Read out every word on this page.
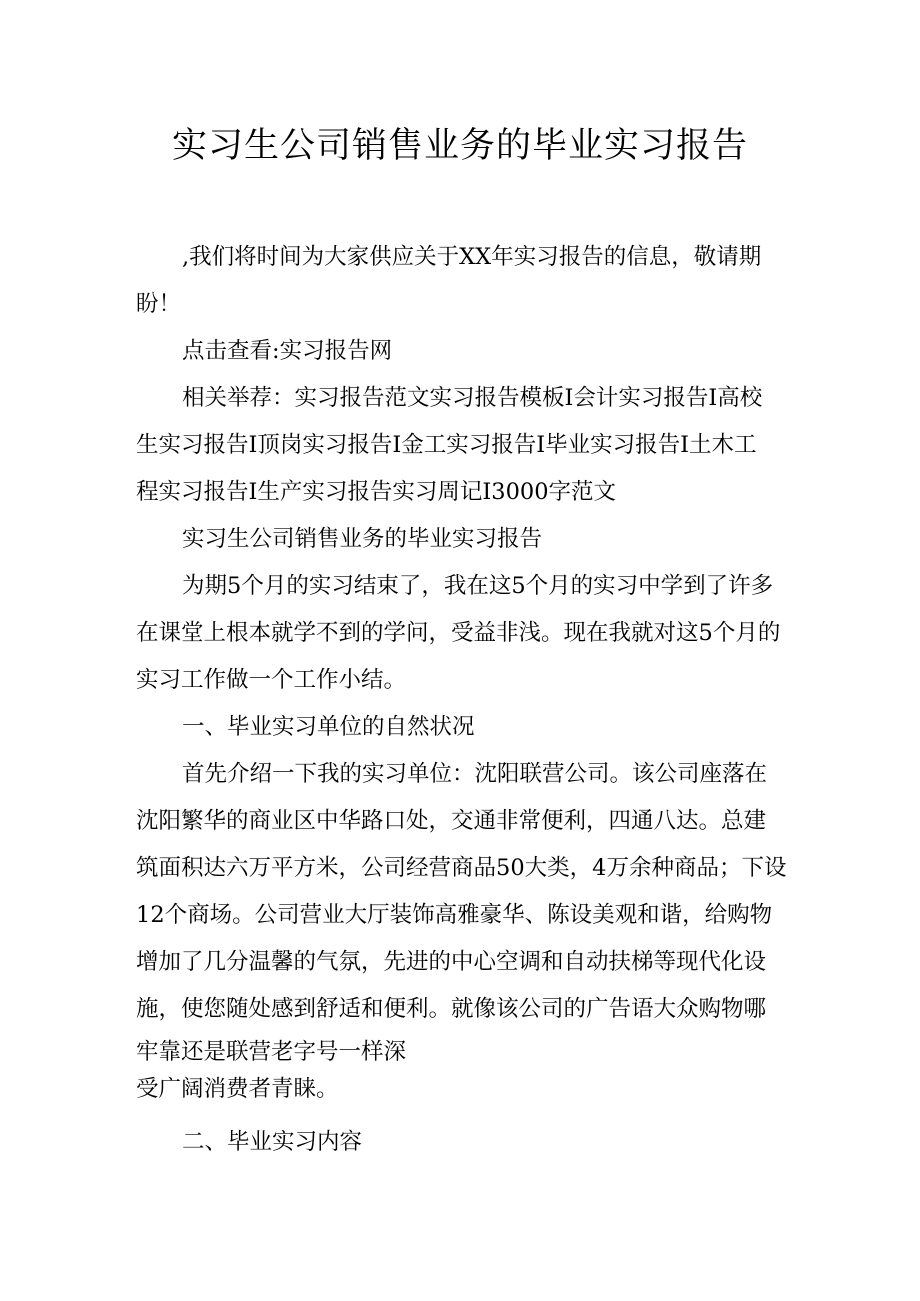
实习生公司销售业务的毕业实习报告
,我们将时间为大家供应关于XX年实习报告的信息，敬请期
盼！
点击查看:实习报告网
相关举荐：实习报告范文实习报告模板I会计实习报告I高校
生实习报告I顶岗实习报告I金工实习报告I毕业实习报告I土木工
程实习报告I生产实习报告实习周记I3000字范文
实习生公司销售业务的毕业实习报告
为期5个月的实习结束了，我在这5个月的实习中学到了许多
在课堂上根本就学不到的学问，受益非浅。现在我就对这5个月的
实习工作做一个工作小结。
一、毕业实习单位的自然状况
首先介绍一下我的实习单位：沈阳联营公司。该公司座落在
沈阳繁华的商业区中华路口处，交通非常便利，四通八达。总建
筑面积达六万平方米，公司经营商品50大类，4万余种商品；下设
12个商场。公司营业大厅装饰高雅豪华、陈设美观和谐，给购物
增加了几分温馨的气氛，先进的中心空调和自动扶梯等现代化设
施，使您随处感到舒适和便利。就像该公司的广告语大众购物哪
牢靠还是联营老字号一样深
受广阔消费者青睐。
二、毕业实习内容
